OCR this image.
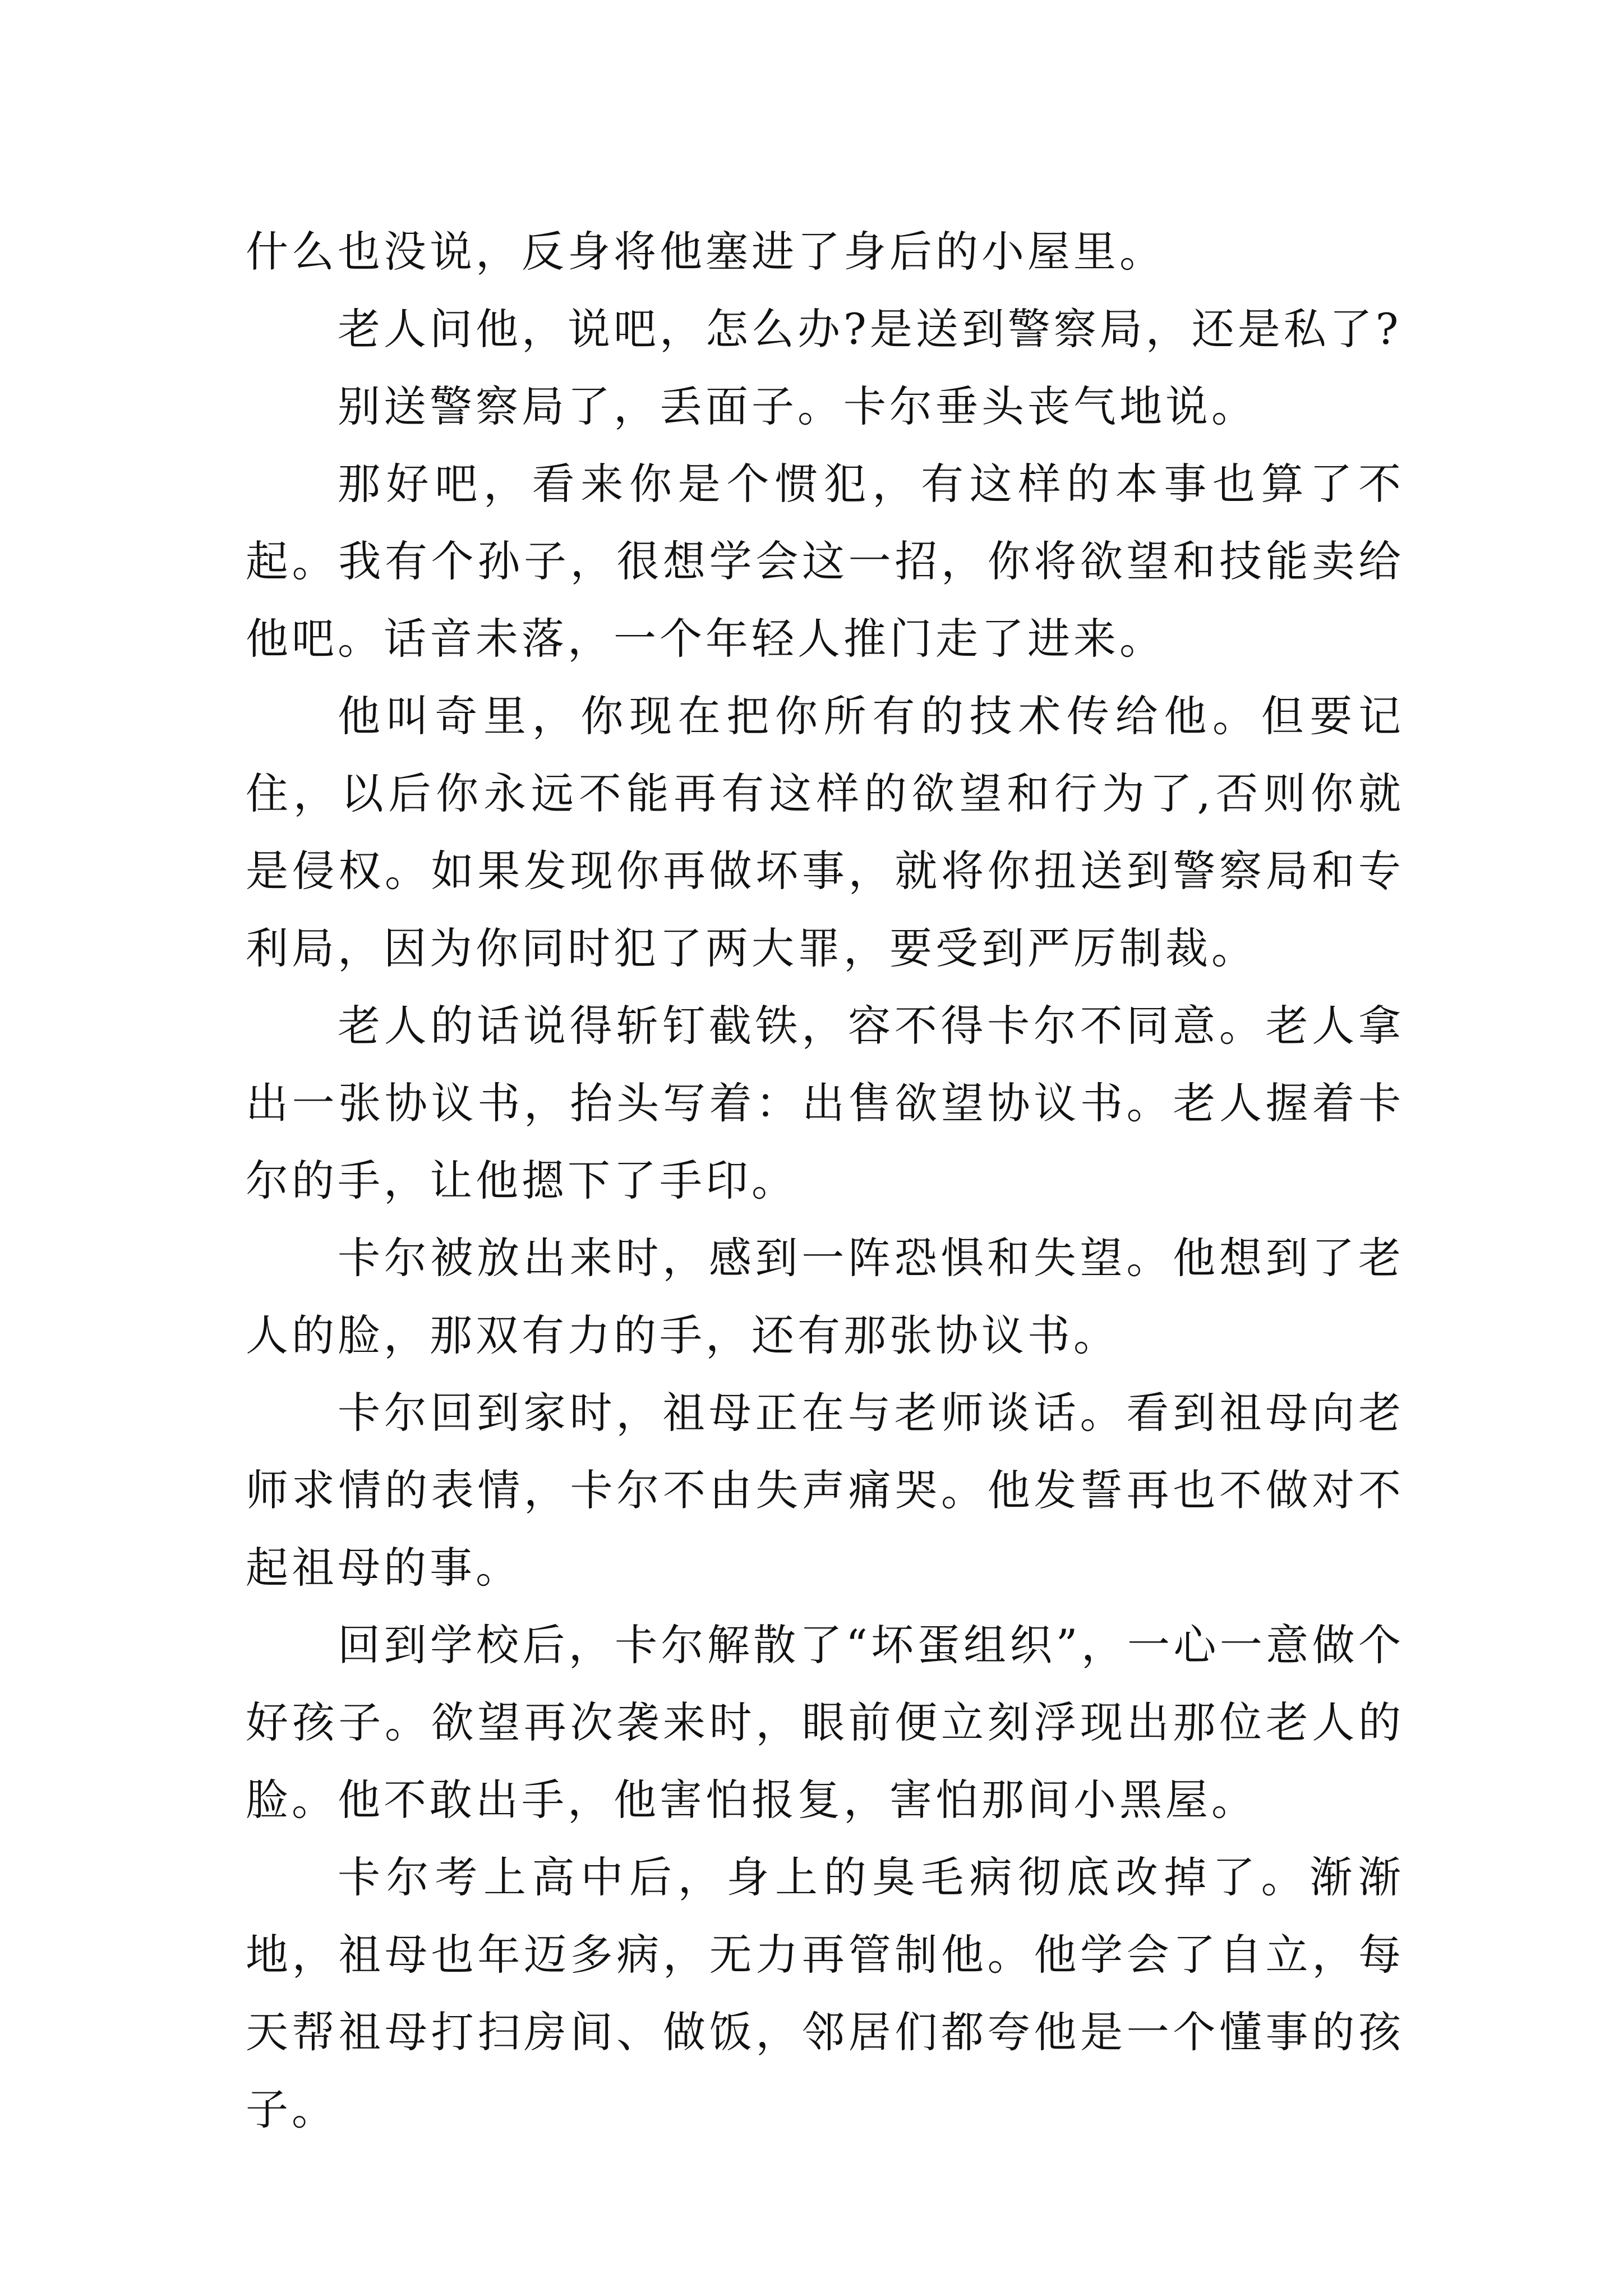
什么也没说，反身将他塞进了身后的小屋里。

老人问他，说吧，怎么办?是送到警察局，还是私了?

别送警察局了，丢面子。卡尔垂头丧气地说。

那好吧，看来你是个惯犯，有这样的本事也算了不起。我有个孙子，很想学会这一招，你将欲望和技能卖给他吧。话音未落，一个年轻人推门走了进来。

他叫奇里，你现在把你所有的技术传给他。但要记住，以后你永远不能再有这样的欲望和行为了,否则你就是侵权。如果发现你再做坏事，就将你扭送到警察局和专利局，因为你同时犯了两大罪，要受到严厉制裁。

老人的话说得斩钉截铁，容不得卡尔不同意。老人拿出一张协议书，抬头写着：出售欲望协议书。老人握着卡尔的手，让他摁下了手印。

卡尔被放出来时，感到一阵恐惧和失望。他想到了老人的脸，那双有力的手，还有那张协议书。

卡尔回到家时，祖母正在与老师谈话。看到祖母向老师求情的表情，卡尔不由失声痛哭。他发誓再也不做对不起祖母的事。

回到学校后，卡尔解散了“坏蛋组织”，一心一意做个好孩子。欲望再次袭来时，眼前便立刻浮现出那位老人的脸。他不敢出手，他害怕报复，害怕那间小黑屋。

卡尔考上高中后，身上的臭毛病彻底改掉了。渐渐地，祖母也年迈多病，无力再管制他。他学会了自立，每天帮祖母打扫房间、做饭，邻居们都夸他是一个懂事的孩子。
